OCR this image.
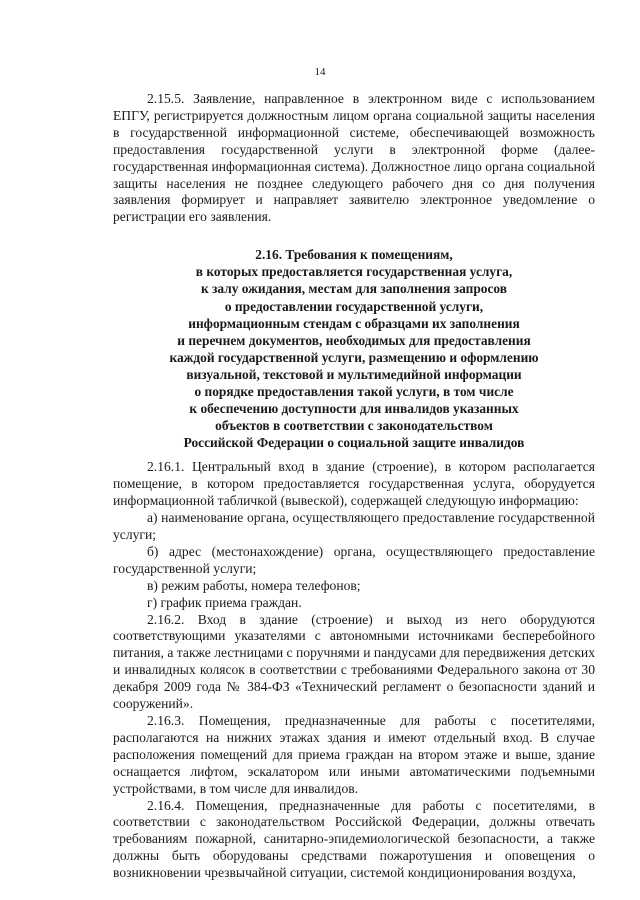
14

2.15.5. Заявление, направленное в электронном виде с использованием ЕПГУ, регистрируется должностным лицом органа социальной защиты населения в государственной информационной системе, обеспечивающей возможность предоставления государственной услуги в электронной форме (далее-государственная информационная система). Должностное лицо органа социальной защиты населения не позднее следующего рабочего дня со дня получения заявления формирует и направляет заявителю электронное уведомление о регистрации его заявления.

2.16. Требования к помещениям,
в которых предоставляется государственная услуга,
к залу ожидания, местам для заполнения запросов
о предоставлении государственной услуги,
информационным стендам с образцами их заполнения
и перечнем документов, необходимых для предоставления
каждой государственной услуги, размещению и оформлению
визуальной, текстовой и мультимедийной информации
о порядке предоставления такой услуги, в том числе
к обеспечению доступности для инвалидов указанных
объектов в соответствии с законодательством
Российской Федерации о социальной защите инвалидов

2.16.1. Центральный вход в здание (строение), в котором располагается помещение, в котором предоставляется государственная услуга, оборудуется информационной табличкой (вывеской), содержащей следующую информацию:

а) наименование органа, осуществляющего предоставление государственной услуги;

б) адрес (местонахождение) органа, осуществляющего предоставление государственной услуги;

в) режим работы, номера телефонов;

г) график приема граждан.

2.16.2. Вход в здание (строение) и выход из него оборудуются соответствующими указателями с автономными источниками бесперебойного питания, а также лестницами с поручнями и пандусами для передвижения детских и инвалидных колясок в соответствии с требованиями Федерального закона от 30 декабря 2009 года № 384-ФЗ «Технический регламент о безопасности зданий и сооружений».

2.16.3. Помещения, предназначенные для работы с посетителями, располагаются на нижних этажах здания и имеют отдельный вход. В случае расположения помещений для приема граждан на втором этаже и выше, здание оснащается лифтом, эскалатором или иными автоматическими подъемными устройствами, в том числе для инвалидов.

2.16.4. Помещения, предназначенные для работы с посетителями, в соответствии с законодательством Российской Федерации, должны отвечать требованиям пожарной, санитарно-эпидемиологической безопасности, а также должны быть оборудованы средствами пожаротушения и оповещения о возникновении чрезвычайной ситуации, системой кондиционирования воздуха,
